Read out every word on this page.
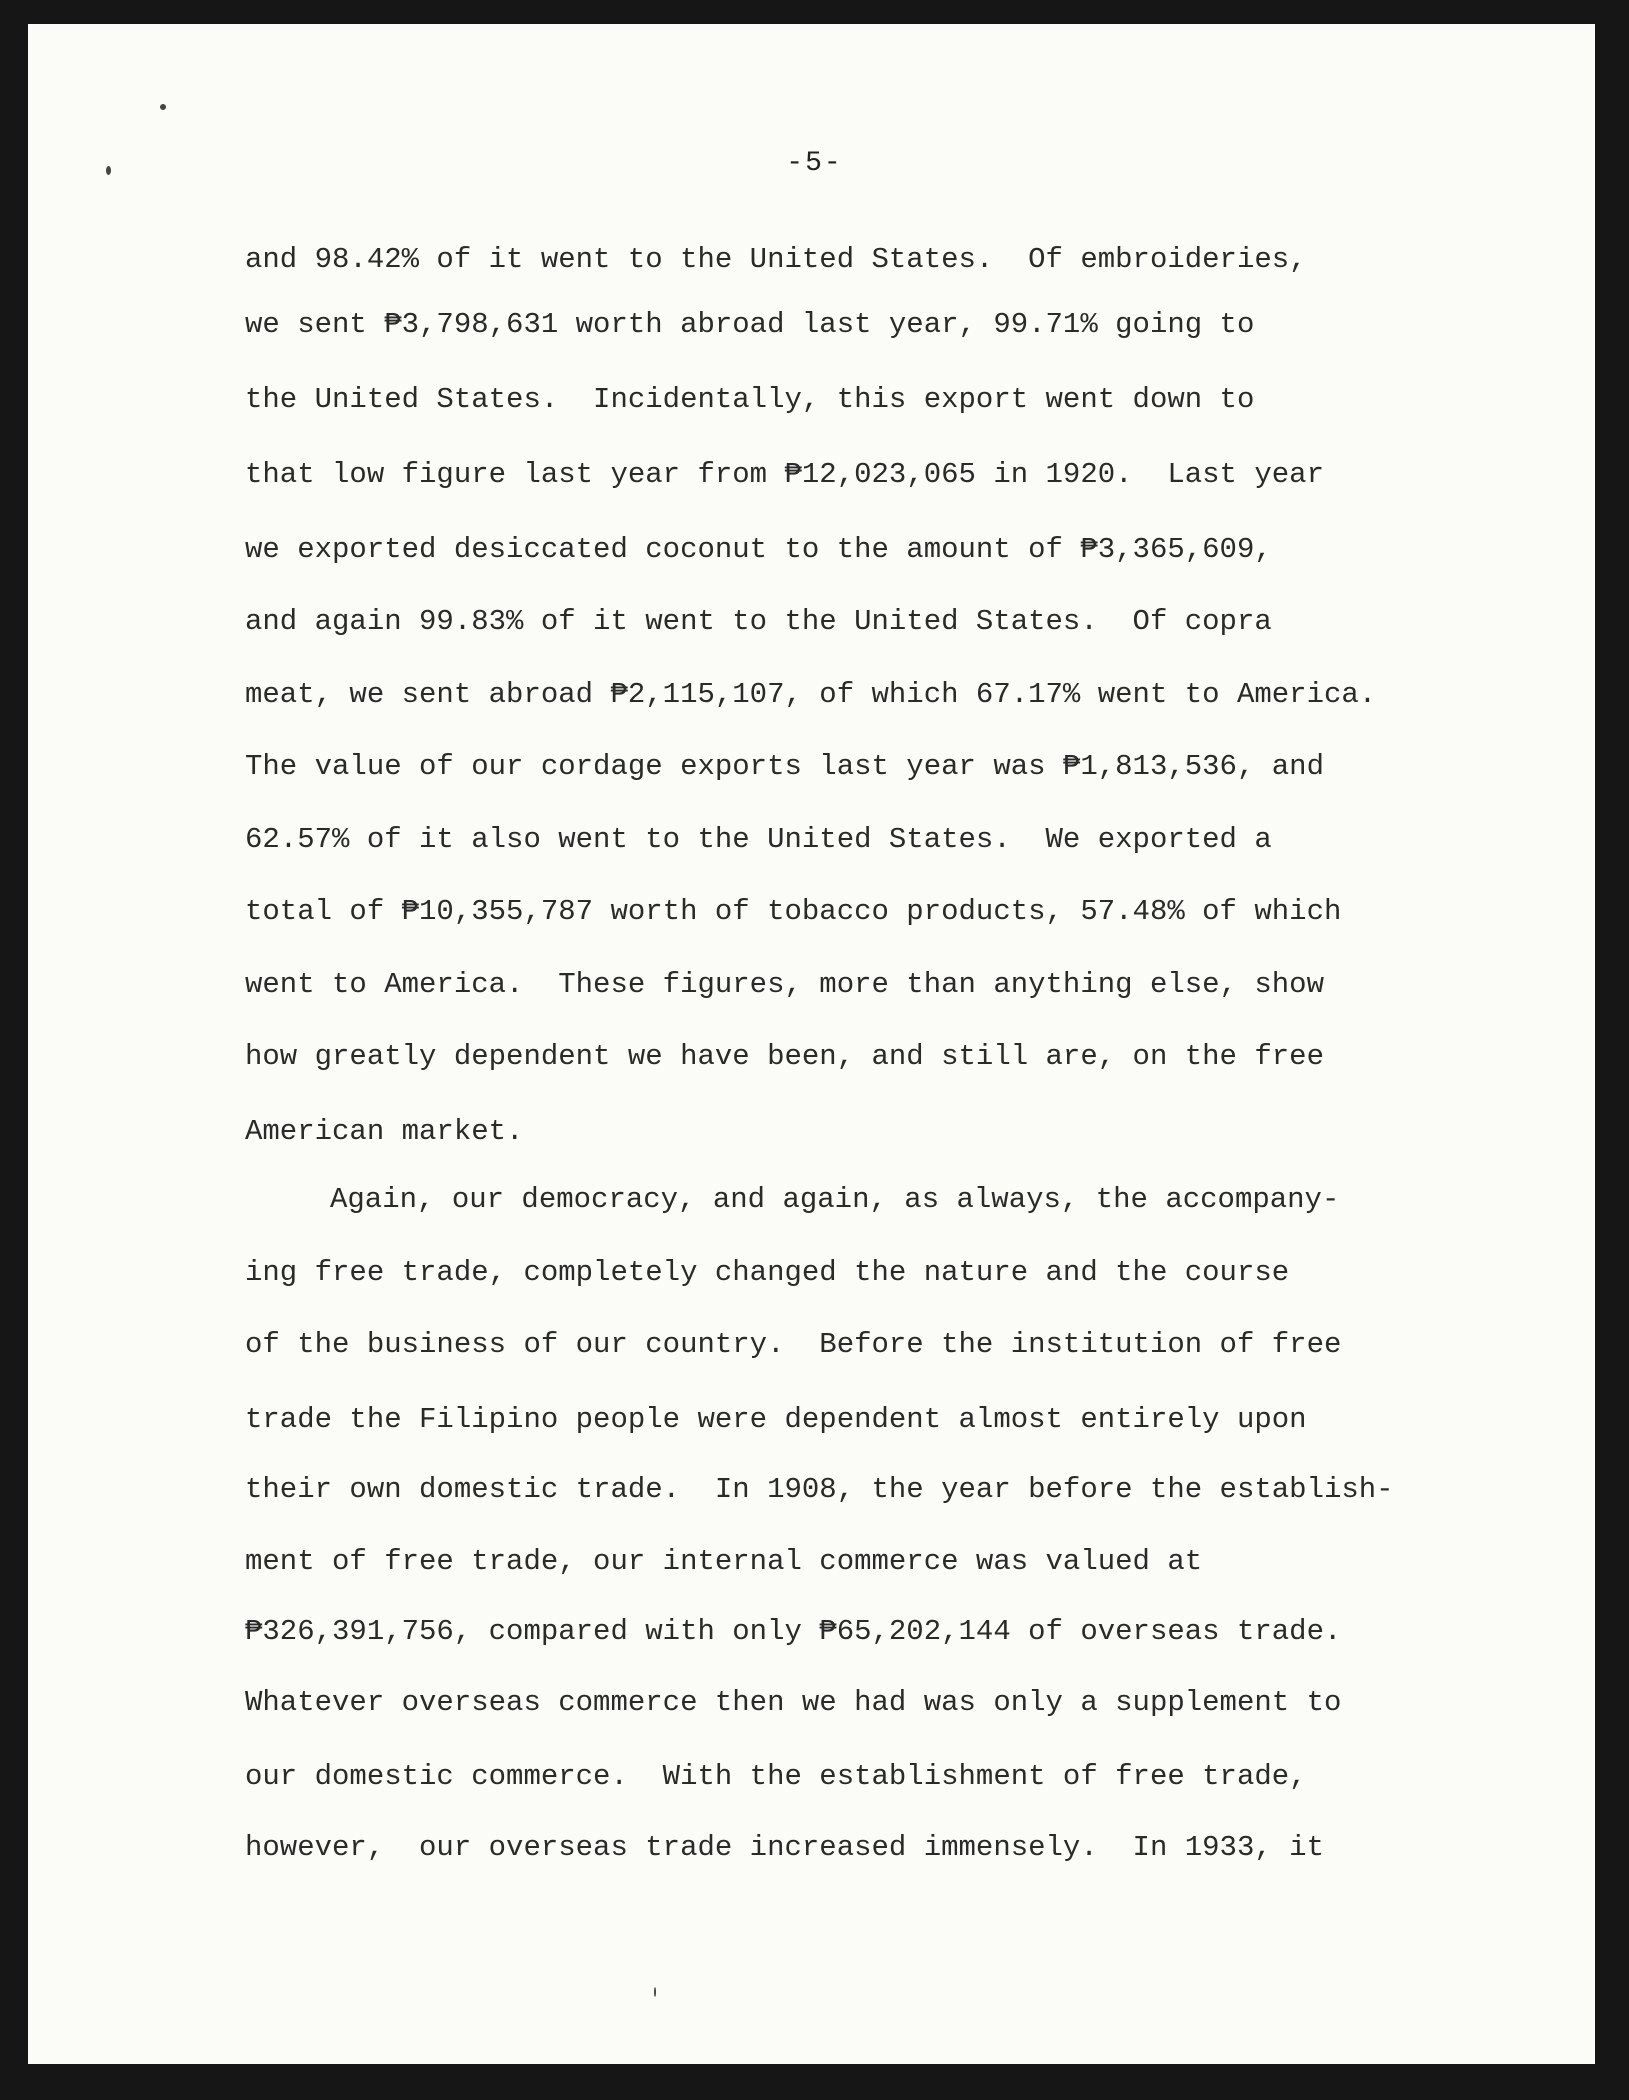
-5-
and 98.42% of it went to the United States.  Of embroideries,
we sent ₱3,798,631 worth abroad last year, 99.71% going to
the United States.  Incidentally, this export went down to
that low figure last year from ₱12,023,065 in 1920.  Last year
we exported desiccated coconut to the amount of ₱3,365,609,
and again 99.83% of it went to the United States.  Of copra
meat, we sent abroad ₱2,115,107, of which 67.17% went to America.
The value of our cordage exports last year was ₱1,813,536, and
62.57% of it also went to the United States.  We exported a
total of ₱10,355,787 worth of tobacco products, 57.48% of which
went to America.  These figures, more than anything else, show
how greatly dependent we have been, and still are, on the free
American market.
Again, our democracy, and again, as always, the accompany-
ing free trade, completely changed the nature and the course
of the business of our country.  Before the institution of free
trade the Filipino people were dependent almost entirely upon
their own domestic trade.  In 1908, the year before the establish-
ment of free trade, our internal commerce was valued at
₱326,391,756, compared with only ₱65,202,144 of overseas trade.
Whatever overseas commerce then we had was only a supplement to
our domestic commerce.  With the establishment of free trade,
however,  our overseas trade increased immensely.  In 1933, it
